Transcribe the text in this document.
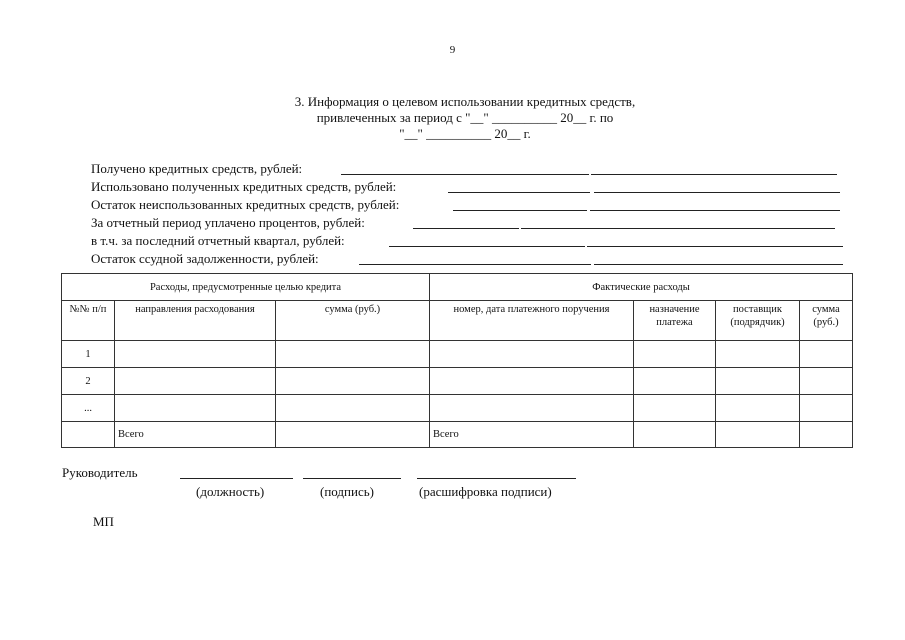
9
3. Информация о целевом использовании кредитных средств,
привлеченных за период с "__" __________ 20__ г. по
"__" __________ 20__ г.
Получено кредитных средств, рублей:
Использовано полученных кредитных средств, рублей:
Остаток неиспользованных кредитных средств, рублей:
За отчетный период уплачено процентов, рублей:
в т.ч. за последний отчетный квартал, рублей:
Остаток ссудной задолженности, рублей:
Расходы, предусмотренные целью кредита			Фактические расходы			
№№ п/п	направления расходования	сумма (руб.)	номер, дата платежного поручения	назначение платежа	поставщик (подрядчик)	сумма (руб.)
1						
2						
...						
	Всего		Всего			
Руководитель
(должность)	(подпись)	(расшифровка подписи)
МП
